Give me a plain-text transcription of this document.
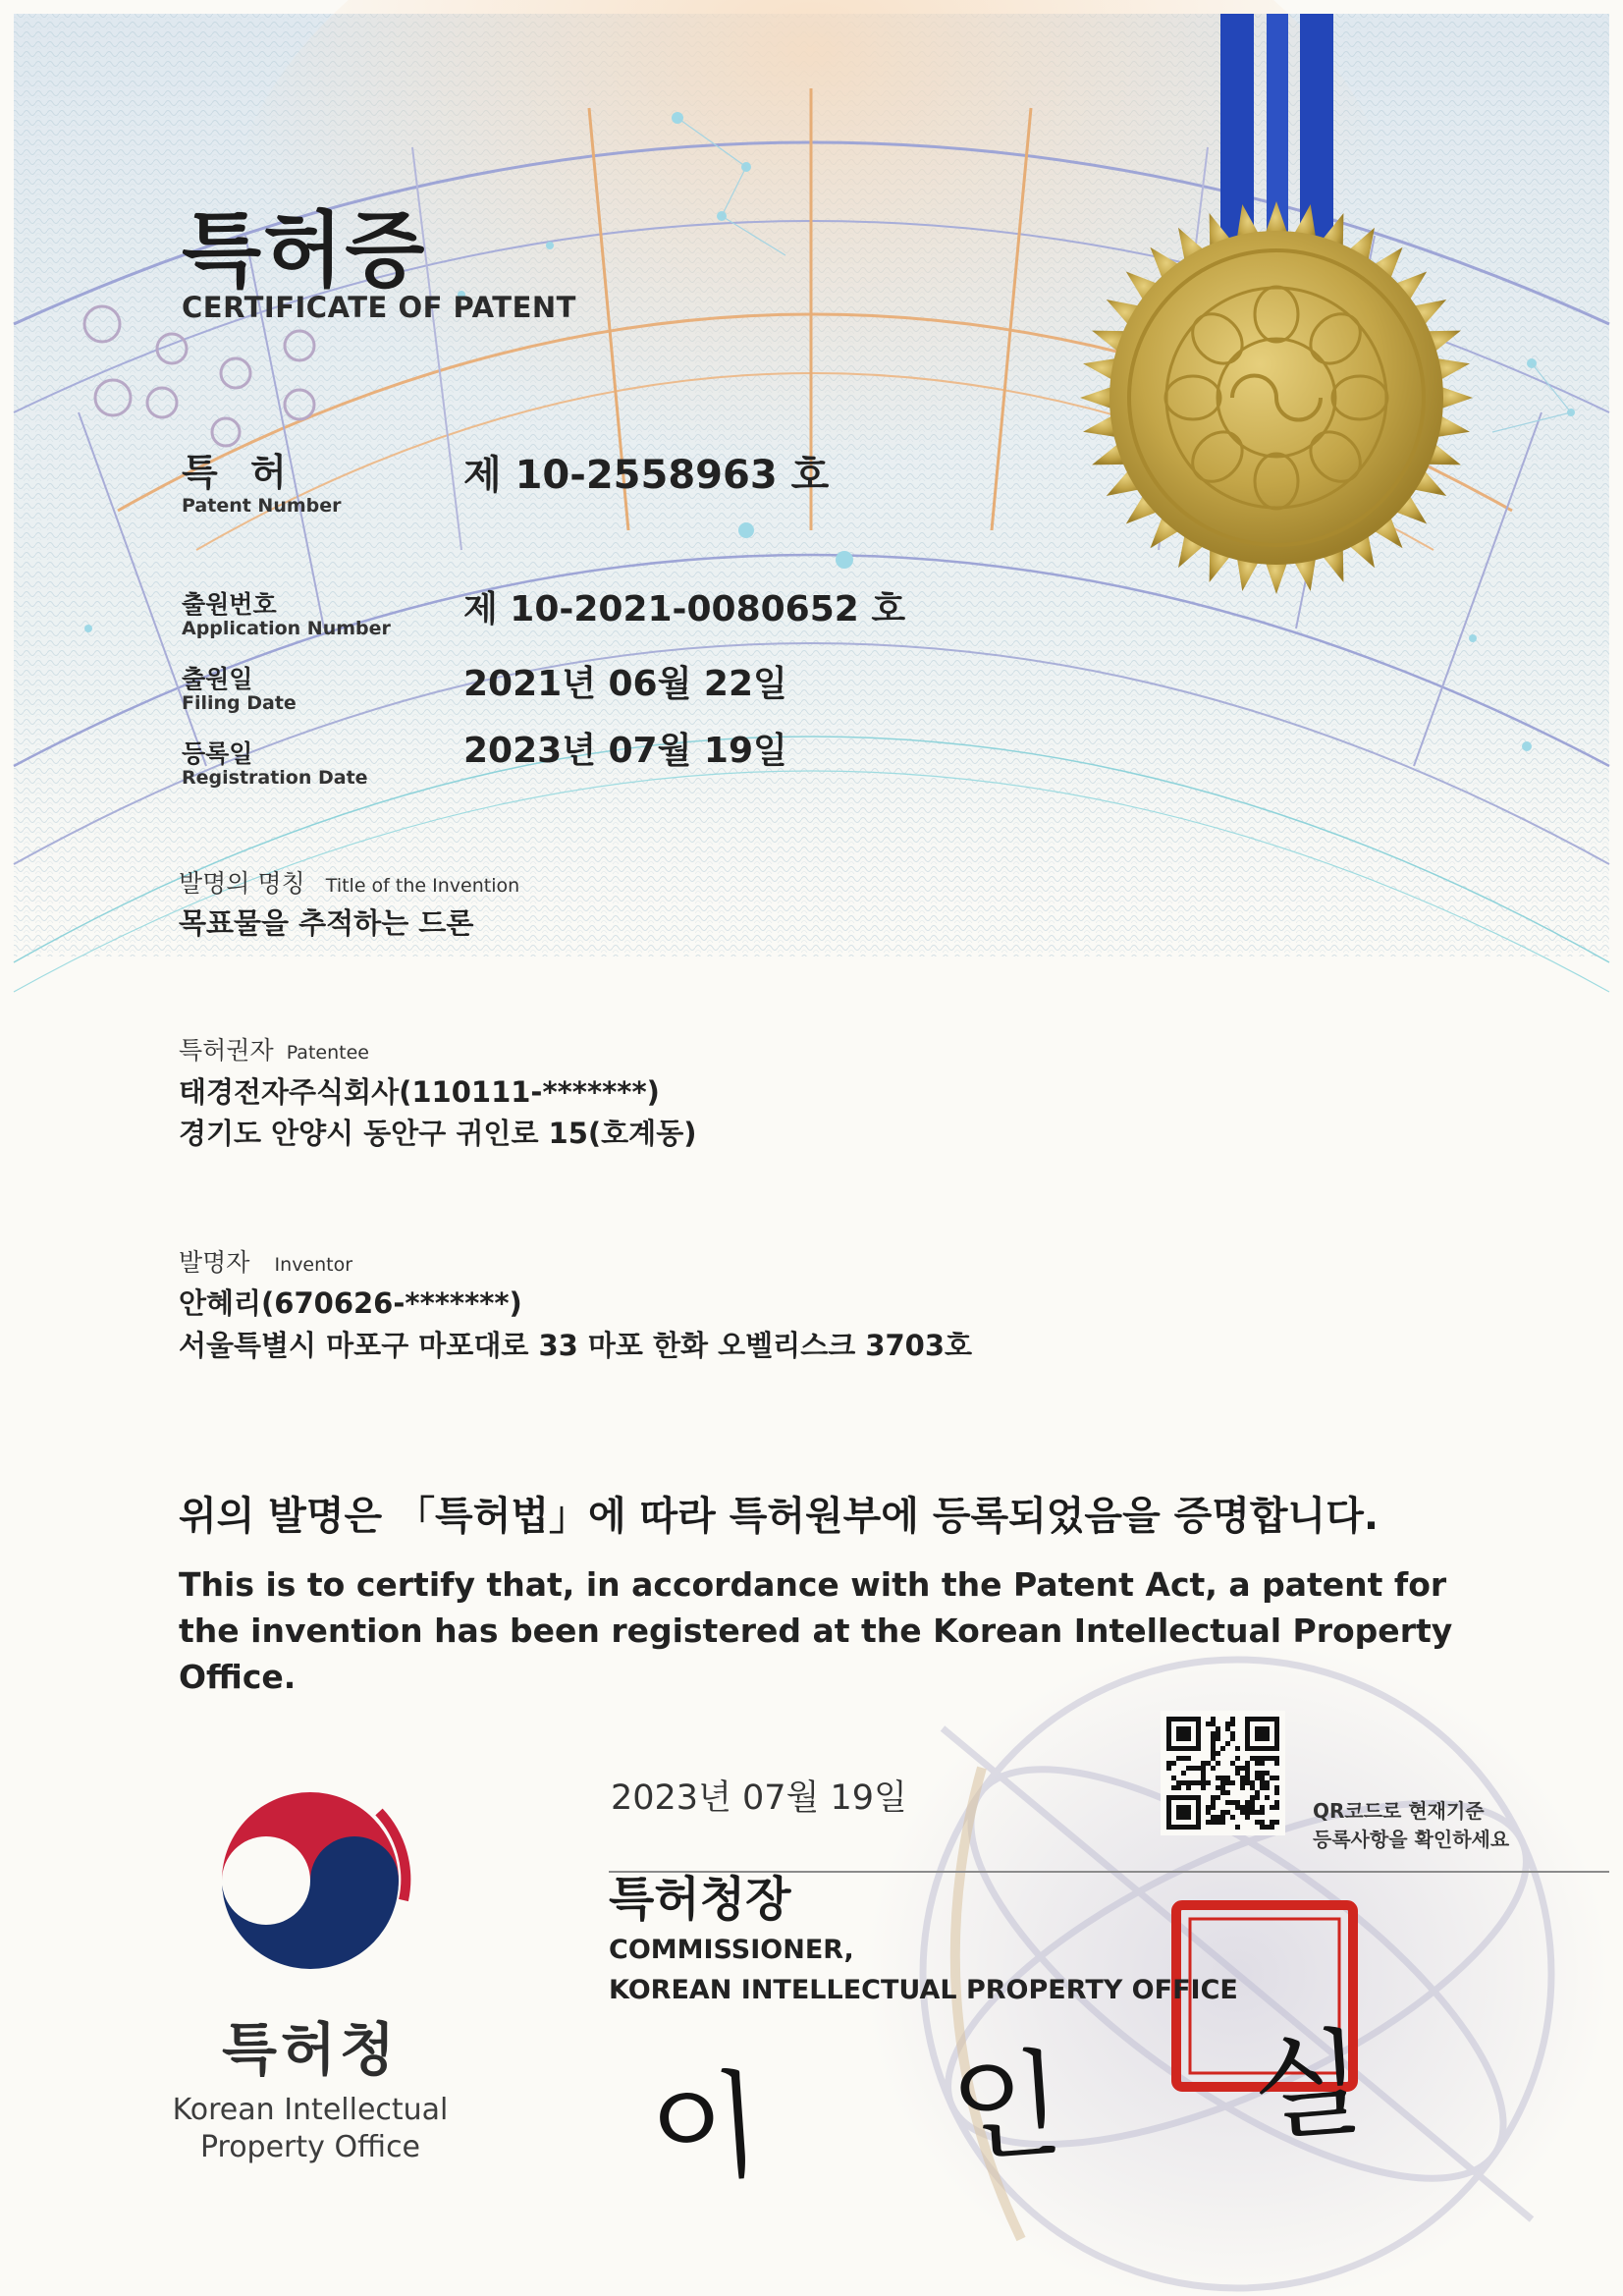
특허증
CERTIFICATE OF PATENT
특 허
Patent Number
제 10-2558963 호
출원번호
Application Number 제 10-2021-0080652 호
출원일
Filing Date	2021년 06월 22일
등록일
Registration Date
2023년 07월 19일
발명의 명칭 Title of the Invention
목표물을 추적하는 드론
특허권자 Patentee
태경전자주식회사(110111-*******)
경기도 안양시 동안구 귀인로 15(호계동)
발명자 Inventor
안혜리(670626-*******)
서울특별시 마포구 마포대로 33 마포 한화 오벨리스크 3703호
위의 발명은 「특허법」에 따라 특허원부에 등록되었음을 증명합니다.
This is to certify that, in accordance with the Patent Act, a patent for the invention has been registered at the Korean Intellectual Property Office.
2023년 07월 19일
특허청장
COMMISSIONER,
KOREAN INTELLECTUAL PROPERTY OFFICE
이 인 실
QR코드로 현재기준
등록사항을 확인하세요
특허청
Korean Intellectual
Property Office
